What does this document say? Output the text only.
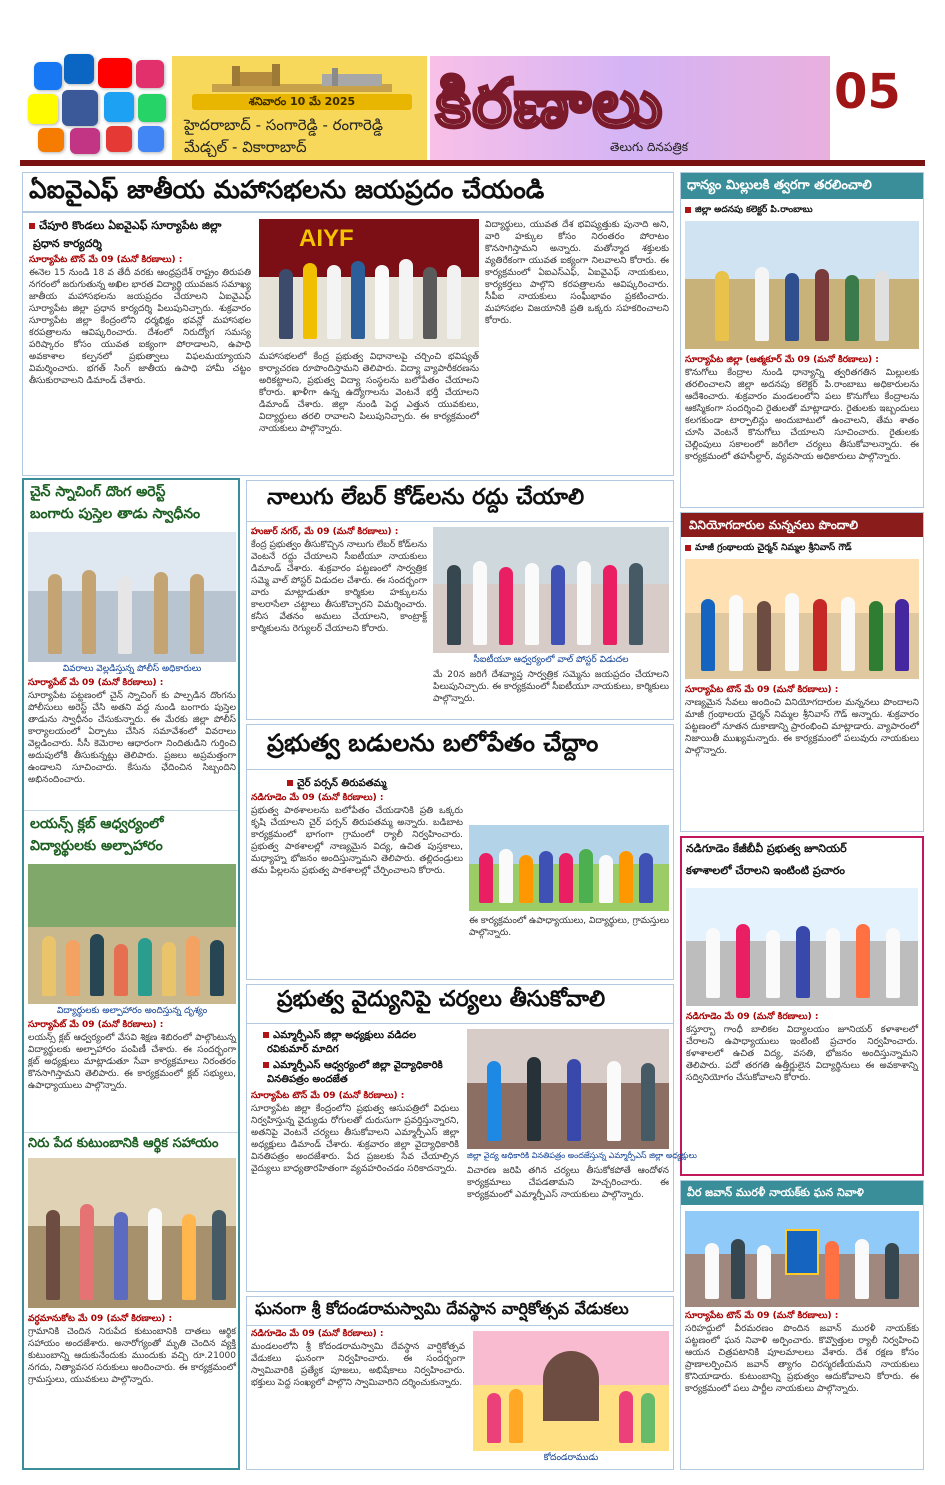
శనివారం 10 మే 2025
హైదరాబాద్ - సంగారెడ్డి - రంగారెడ్డి
మేడ్చల్ - వికారాబాద్
కిరణాలు
తెలుగు దినపత్రిక
05
ఏఐవైఎఫ్ జాతీయ మహాసభలను జయప్రదం చేయండి
చేపూరి కొండలు ఏఐవైఎఫ్ సూర్యాపేట జిల్లా
ప్రధాన కార్యదర్శి
సూర్యాపేట టౌన్ మే 09 (మనో కిరణాలు) :
ఈనెల 15 నుండి 18 వ తేదీ వరకు ఆంధ్రప్రదేశ్ రాష్ట్రం తిరుపతి నగరంలో జరుగుతున్న అఖిల భారత విద్యార్థి యువజన సమాఖ్య జాతీయ మహాసభలను జయప్రదం చేయాలని ఏఐవైఎఫ్ సూర్యాపేట జిల్లా ప్రధాన కార్యదర్శి పిలుపునిచ్చారు. శుక్రవారం సూర్యాపేట జిల్లా కేంద్రంలోని ధర్మభిక్షం భవన్లో మహాసభల కరపత్రాలను ఆవిష్కరించారు. దేశంలో నిరుద్యోగ సమస్య పరిష్కారం కోసం యువత ఐక్యంగా పోరాడాలని, ఉపాధి అవకాశాల కల్పనలో ప్రభుత్వాలు విఫలమయ్యాయని విమర్శించారు. భగత్ సింగ్ జాతీయ ఉపాధి హామీ చట్టం తీసుకురావాలని డిమాండ్ చేశారు.
AIYF
మహాసభలలో కేంద్ర ప్రభుత్వ విధానాలపై చర్చించి భవిష్యత్ కార్యాచరణ రూపొందిస్తామని తెలిపారు. విద్యా వ్యాపారీకరణను అరికట్టాలని, ప్రభుత్వ విద్యా సంస్థలను బలోపేతం చేయాలని కోరారు. ఖాళీగా ఉన్న ఉద్యోగాలను వెంటనే భర్తీ చేయాలని డిమాండ్ చేశారు. జిల్లా నుండి పెద్ద ఎత్తున యువకులు, విద్యార్థులు తరలి రావాలని పిలుపునిచ్చారు. ఈ కార్యక్రమంలో నాయకులు పాల్గొన్నారు.
విద్యార్థులు, యువత దేశ భవిష్యత్తుకు పునాది అని, వారి హక్కుల కోసం నిరంతరం పోరాటం కొనసాగిస్తామని అన్నారు. మతోన్మాద శక్తులకు వ్యతిరేకంగా యువత ఐక్యంగా నిలవాలని కోరారు. ఈ కార్యక్రమంలో ఏఐఎస్ఎఫ్, ఏఐవైఎఫ్ నాయకులు, కార్యకర్తలు పాల్గొని కరపత్రాలను ఆవిష్కరించారు. సీపీఐ నాయకులు సంఘీభావం ప్రకటించారు. మహాసభల విజయానికి ప్రతి ఒక్కరు సహకరించాలని కోరారు.
ధాన్యం మిల్లులకి త్వరగా తరలించాలి
జిల్లా అదనపు కలెక్టర్ పి.రాంబాబు
సూర్యాపేట జిల్లా (ఆత్మకూర్ మే 09 (మనో కిరణాలు) :
కొనుగోలు కేంద్రాల నుండి ధాన్యాన్ని త్వరితగతిన మిల్లులకు తరలించాలని జిల్లా అదనపు కలెక్టర్ పి.రాంబాబు అధికారులను ఆదేశించారు. శుక్రవారం మండలంలోని పలు కొనుగోలు కేంద్రాలను ఆకస్మికంగా సందర్శించి రైతులతో మాట్లాడారు. రైతులకు ఇబ్బందులు కలగకుండా టార్పాలిన్లు అందుబాటులో ఉంచాలని, తేమ శాతం చూసి వెంటనే కొనుగోలు చేయాలని సూచించారు. రైతులకు చెల్లింపులు సకాలంలో జరిగేలా చర్యలు తీసుకోవాలన్నారు. ఈ కార్యక్రమంలో తహసీల్దార్, వ్యవసాయ అధికారులు పాల్గొన్నారు.
చైన్ స్నాచింగ్ దొంగ అరెస్ట్
బంగారు పుస్తెల తాడు స్వాధీనం
వివరాలు వెల్లడిస్తున్న పోలీస్ అధికారులు
సూర్యాపేట్ మే 09 (మనో కిరణాలు) :
సూర్యాపేట పట్టణంలో చైన్ స్నాచింగ్ కు పాల్పడిన దొంగను పోలీసులు అరెస్ట్ చేసి అతని వద్ద నుండి బంగారు పుస్తెల తాడును స్వాధీనం చేసుకున్నారు. ఈ మేరకు జిల్లా పోలీస్ కార్యాలయంలో ఏర్పాటు చేసిన సమావేశంలో వివరాలు వెల్లడించారు. సీసీ కెమెరాల ఆధారంగా నిందితుడిని గుర్తించి అదుపులోకి తీసుకున్నట్లు తెలిపారు. ప్రజలు అప్రమత్తంగా ఉండాలని సూచించారు. కేసును ఛేదించిన సిబ్బందిని అభినందించారు.
లయన్స్ క్లబ్ ఆధ్వర్యంలో
విద్యార్థులకు అల్పాహారం
విద్యార్థులకు అల్పాహారం అందిస్తున్న దృశ్యం
సూర్యాపేట్ మే 09 (మనో కిరణాలు) :
లయన్స్ క్లబ్ ఆధ్వర్యంలో వేసవి శిక్షణ శిబిరంలో పాల్గొంటున్న విద్యార్థులకు అల్పాహారం పంపిణీ చేశారు. ఈ సందర్భంగా క్లబ్ అధ్యక్షులు మాట్లాడుతూ సేవా కార్యక్రమాలు నిరంతరం కొనసాగిస్తామని తెలిపారు. ఈ కార్యక్రమంలో క్లబ్ సభ్యులు, ఉపాధ్యాయులు పాల్గొన్నారు.
నిరు పేద కుటుంబానికి ఆర్థిక సహాయం
వర్ధమానుకోట మే 09 (మనో కిరణాలు) :
గ్రామానికి చెందిన నిరుపేద కుటుంబానికి దాతలు ఆర్థిక సహాయం అందజేశారు. అనారోగ్యంతో మృతి చెందిన వ్యక్తి కుటుంబాన్ని ఆదుకునేందుకు ముందుకు వచ్చి రూ.21000 నగదు, నిత్యావసర సరుకులు అందించారు. ఈ కార్యక్రమంలో గ్రామస్తులు, యువకులు పాల్గొన్నారు.
నాలుగు లేబర్ కోడ్‌లను రద్దు చేయాలి
హుజుర్ నగర్, మే 09 (మనో కిరణాలు) :
కేంద్ర ప్రభుత్వం తీసుకొచ్చిన నాలుగు లేబర్ కోడ్‌లను వెంటనే రద్దు చేయాలని సీఐటీయూ నాయకులు డిమాండ్ చేశారు. శుక్రవారం పట్టణంలో సార్వత్రిక సమ్మె వాల్ పోస్టర్ విడుదల చేశారు. ఈ సందర్భంగా వారు మాట్లాడుతూ కార్మికుల హక్కులను కాలరాసేలా చట్టాలు తీసుకొచ్చారని విమర్శించారు. కనీస వేతనం అమలు చేయాలని, కాంట్రాక్ట్ కార్మికులను రెగ్యులర్ చేయాలని కోరారు.
సీఐటీయూ ఆధ్వర్యంలో వాల్ పోస్టర్ విడుదల
మే 20న జరిగే దేశవ్యాప్త సార్వత్రిక సమ్మెను జయప్రదం చేయాలని పిలుపునిచ్చారు. ఈ కార్యక్రమంలో సీఐటీయూ నాయకులు, కార్మికులు పాల్గొన్నారు.
ప్రభుత్వ బడులను బలోపేతం చేద్దాం
చైర్ పర్సన్ తిరుపతమ్మ
నడిగూడెం మే 09 (మనో కిరణాలు) :
ప్రభుత్వ పాఠశాలలను బలోపేతం చేయడానికి ప్రతి ఒక్కరు కృషి చేయాలని చైర్ పర్సన్ తిరుపతమ్మ అన్నారు. బడిబాట కార్యక్రమంలో భాగంగా గ్రామంలో ర్యాలీ నిర్వహించారు. ప్రభుత్వ పాఠశాలల్లో నాణ్యమైన విద్య, ఉచిత పుస్తకాలు, మధ్యాహ్న భోజనం అందిస్తున్నామని తెలిపారు. తల్లిదండ్రులు తమ పిల్లలను ప్రభుత్వ పాఠశాలల్లో చేర్పించాలని కోరారు.
ఈ కార్యక్రమంలో ఉపాధ్యాయులు, విద్యార్థులు, గ్రామస్తులు పాల్గొన్నారు.
వినియోగదారుల మన్ననలు పొందాలి
మాజీ గ్రంథాలయ చైర్మన్ నిమ్మల శ్రీనివాస్ గౌడ్
సూర్యాపేట టౌన్ మే 09 (మనో కిరణాలు) :
నాణ్యమైన సేవలు అందించి వినియోగదారుల మన్ననలు పొందాలని మాజీ గ్రంథాలయ చైర్మన్ నిమ్మల శ్రీనివాస్ గౌడ్ అన్నారు. శుక్రవారం పట్టణంలో నూతన దుకాణాన్ని ప్రారంభించి మాట్లాడారు. వ్యాపారంలో నిజాయితీ ముఖ్యమన్నారు. ఈ కార్యక్రమంలో పలువురు నాయకులు పాల్గొన్నారు.
నడిగూడెం కేజీబీవీ ప్రభుత్వ జూనియర్
కళాశాలలో చేరాలని ఇంటింటి ప్రచారం
నడిగూడెం మే 09 (మనో కిరణాలు) :
కస్తూర్బా గాంధీ బాలికల విద్యాలయం జూనియర్ కళాశాలలో చేరాలని ఉపాధ్యాయులు ఇంటింటి ప్రచారం నిర్వహించారు. కళాశాలలో ఉచిత విద్య, వసతి, భోజనం అందిస్తున్నామని తెలిపారు. పదో తరగతి ఉత్తీర్ణులైన విద్యార్థినులు ఈ అవకాశాన్ని సద్వినియోగం చేసుకోవాలని కోరారు.
వీర జవాన్ మురళీ నాయక్‌కు ఘన నివాళి
సూర్యాపేట టౌన్ మే 09 (మనో కిరణాలు) :
సరిహద్దులో వీరమరణం పొందిన జవాన్ మురళీ నాయక్‌కు పట్టణంలో ఘన నివాళి అర్పించారు. కొవ్వొత్తుల ర్యాలీ నిర్వహించి ఆయన చిత్రపటానికి పూలమాలలు వేశారు. దేశ రక్షణ కోసం ప్రాణాలర్పించిన జవాన్ త్యాగం చిరస్మరణీయమని నాయకులు కొనియాడారు. కుటుంబాన్ని ప్రభుత్వం ఆదుకోవాలని కోరారు. ఈ కార్యక్రమంలో పలు పార్టీల నాయకులు పాల్గొన్నారు.
ప్రభుత్వ వైద్యునిపై చర్యలు తీసుకోవాలి
ఎమ్మార్పీఎస్ జిల్లా అధ్యక్షులు వడిదల
రవికుమార్ మాదిగ
ఎమ్మార్పీఎస్ ఆధ్వర్యంలో జిల్లా వైద్యాధికారికి
వినతిపత్రం అందజేత
సూర్యాపేట టౌన్ మే 09 (మనో కిరణాలు) :
సూర్యాపేట జిల్లా కేంద్రంలోని ప్రభుత్వ ఆసుపత్రిలో విధులు నిర్వహిస్తున్న వైద్యుడు రోగులతో దురుసుగా ప్రవర్తిస్తున్నారని, అతనిపై వెంటనే చర్యలు తీసుకోవాలని ఎమ్మార్పీఎస్ జిల్లా అధ్యక్షులు డిమాండ్ చేశారు. శుక్రవారం జిల్లా వైద్యాధికారికి వినతిపత్రం అందజేశారు. పేద ప్రజలకు సేవ చేయాల్సిన వైద్యులు బాధ్యతారహితంగా వ్యవహరించడం సరికాదన్నారు.
జిల్లా వైద్య అధికారికి వినతిపత్రం అందజేస్తున్న ఎమ్మార్పీఎస్ జిల్లా అధ్యక్షులు
విచారణ జరిపి తగిన చర్యలు తీసుకోకపోతే ఆందోళన కార్యక్రమాలు చేపడతామని హెచ్చరించారు. ఈ కార్యక్రమంలో ఎమ్మార్పీఎస్ నాయకులు పాల్గొన్నారు.
ఘనంగా శ్రీ కోదండరామస్వామి దేవస్థాన వార్షికోత్సవ వేడుకలు
నడిగూడెం మే 09 (మనో కిరణాలు) :
మండలంలోని శ్రీ కోదండరామస్వామి దేవస్థాన వార్షికోత్సవ వేడుకలు ఘనంగా నిర్వహించారు. ఈ సందర్భంగా స్వామివారికి ప్రత్యేక పూజలు, అభిషేకాలు నిర్వహించారు. భక్తులు పెద్ద సంఖ్యలో పాల్గొని స్వామివారిని దర్శించుకున్నారు.
కోదండరాముడు
